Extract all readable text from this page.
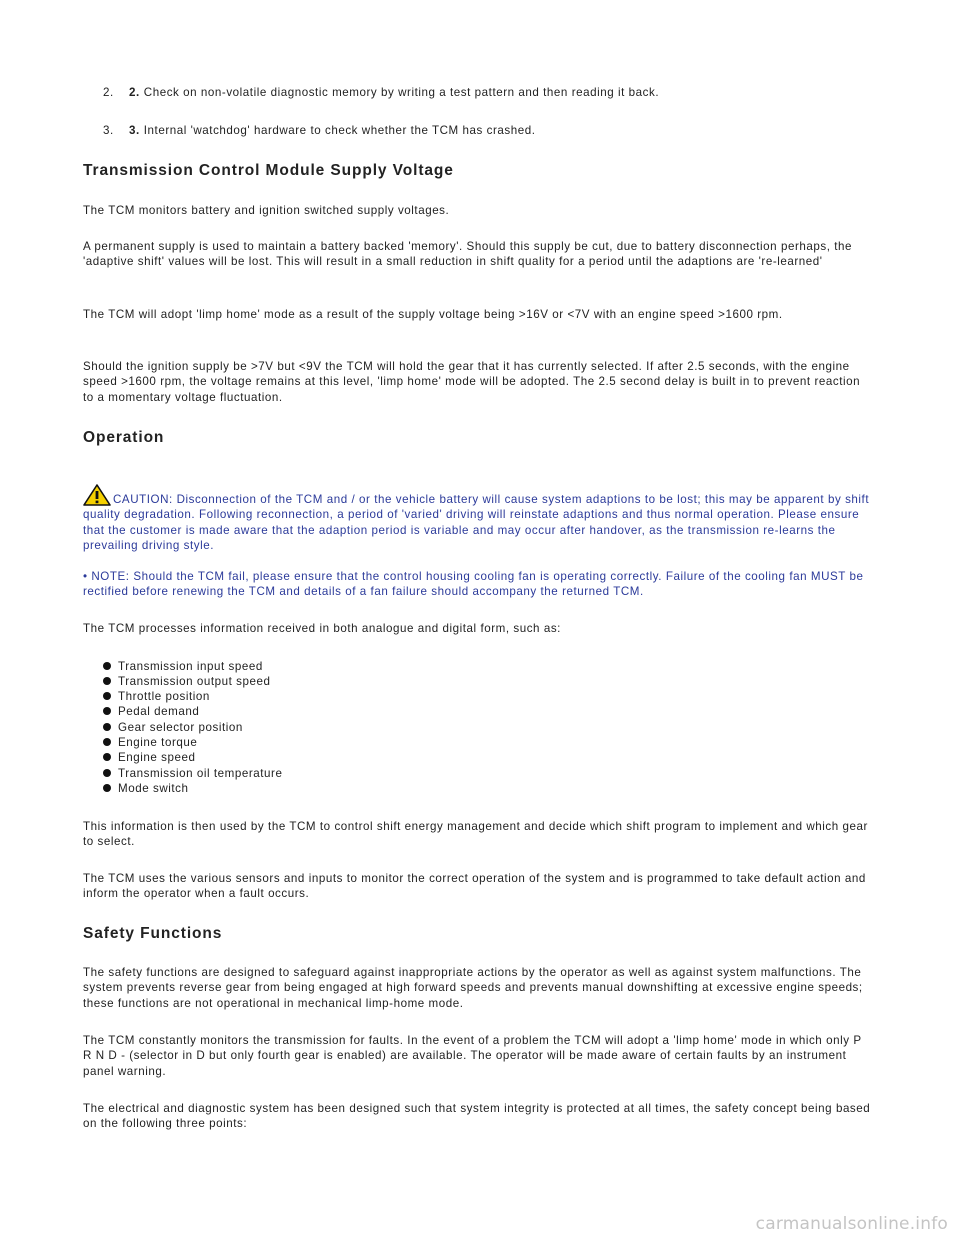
2. 2. Check on non-volatile diagnostic memory by writing a test pattern and then reading it back.
3. 3. Internal 'watchdog' hardware to check whether the TCM has crashed.
Transmission Control Module Supply Voltage
The TCM monitors battery and ignition switched supply voltages.
A permanent supply is used to maintain a battery backed 'memory'. Should this supply be cut, due to battery disconnection perhaps, the 'adaptive shift' values will be lost. This will result in a small reduction in shift quality for a period until the adaptions are 're-learned'
The TCM will adopt 'limp home' mode as a result of the supply voltage being >16V or <7V with an engine speed >1600 rpm.
Should the ignition supply be >7V but <9V the TCM will hold the gear that it has currently selected. If after 2.5 seconds, with the engine speed >1600 rpm, the voltage remains at this level, 'limp home' mode will be adopted. The 2.5 second delay is built in to prevent reaction to a momentary voltage fluctuation.
Operation
CAUTION: Disconnection of the TCM and / or the vehicle battery will cause system adaptions to be lost; this may be apparent by shift quality degradation. Following reconnection, a period of 'varied' driving will reinstate adaptions and thus normal operation. Please ensure that the customer is made aware that the adaption period is variable and may occur after handover, as the transmission re-learns the prevailing driving style.
• NOTE: Should the TCM fail, please ensure that the control housing cooling fan is operating correctly. Failure of the cooling fan MUST be rectified before renewing the TCM and details of a fan failure should accompany the returned TCM.
The TCM processes information received in both analogue and digital form, such as:
Transmission input speed
Transmission output speed
Throttle position
Pedal demand
Gear selector position
Engine torque
Engine speed
Transmission oil temperature
Mode switch
This information is then used by the TCM to control shift energy management and decide which shift program to implement and which gear to select.
The TCM uses the various sensors and inputs to monitor the correct operation of the system and is programmed to take default action and inform the operator when a fault occurs.
Safety Functions
The safety functions are designed to safeguard against inappropriate actions by the operator as well as against system malfunctions. The system prevents reverse gear from being engaged at high forward speeds and prevents manual downshifting at excessive engine speeds; these functions are not operational in mechanical limp-home mode.
The TCM constantly monitors the transmission for faults. In the event of a problem the TCM will adopt a 'limp home' mode in which only P R N D - (selector in D but only fourth gear is enabled) are available. The operator will be made aware of certain faults by an instrument panel warning.
The electrical and diagnostic system has been designed such that system integrity is protected at all times, the safety concept being based on the following three points:
carmanualsonline.info
